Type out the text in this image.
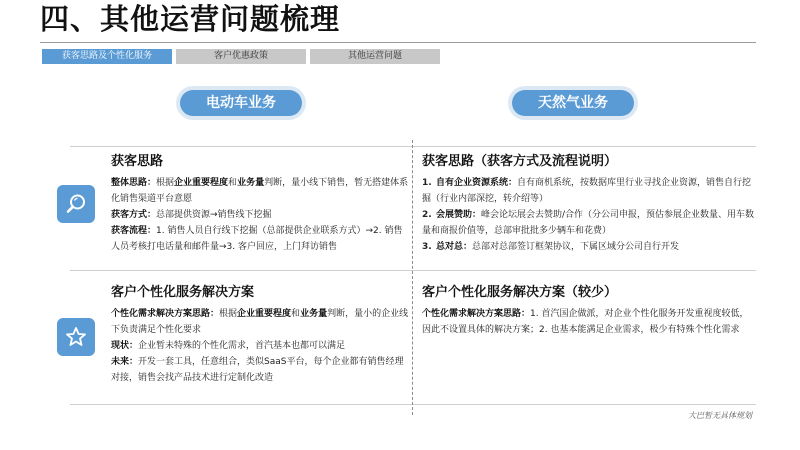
四、其他运营问题梳理
获客思路及个性化服务	客户优惠政策	其他运营问题
电动车业务	天然气业务
获客思路

整体思路：根据企业重要程度和业务量判断，量小线下销售，暂无搭建体系化销售渠道平台意愿

获客方式：总部提供资源→销售线下挖掘

获客流程：1. 销售人员自行线下挖掘（总部提供企业联系方式）→2. 销售人员考核打电话量和邮件量→3. 客户回应，上门拜访销售

客户个性化服务解决方案

个性化需求解决方案思路：根据企业重要程度和业务量判断，量小的企业线下负责满足个性化要求

现状：企业暂未特殊的个性化需求，首汽基本也都可以满足

未来：开发一套工具，任意组合，类似SaaS平台，每个企业都有销售经理对接，销售会找产品技术进行定制化改造

获客思路（获客方式及流程说明）

1. 自有企业资源系统：自有商机系统，按数据库里行业寻找企业资源，销售自行挖掘（行业内部深挖，转介绍等）

2. 会展赞助：峰会论坛展会去赞助/合作（分公司申报，预估参展企业数量、用车数量和商报价值等，总部审批批多少辆车和花费）

3. 总对总：总部对总部签订框架协议，下属区域分公司自行开发

客户个性化服务解决方案（较少）

个性化需求解决方案思路：1. 首汽国企做派，对企业个性化服务开发重视度较低，因此不设置具体的解决方案；2. 也基本能满足企业需求，极少有特殊个性化需求

大巴暂无具体规划
